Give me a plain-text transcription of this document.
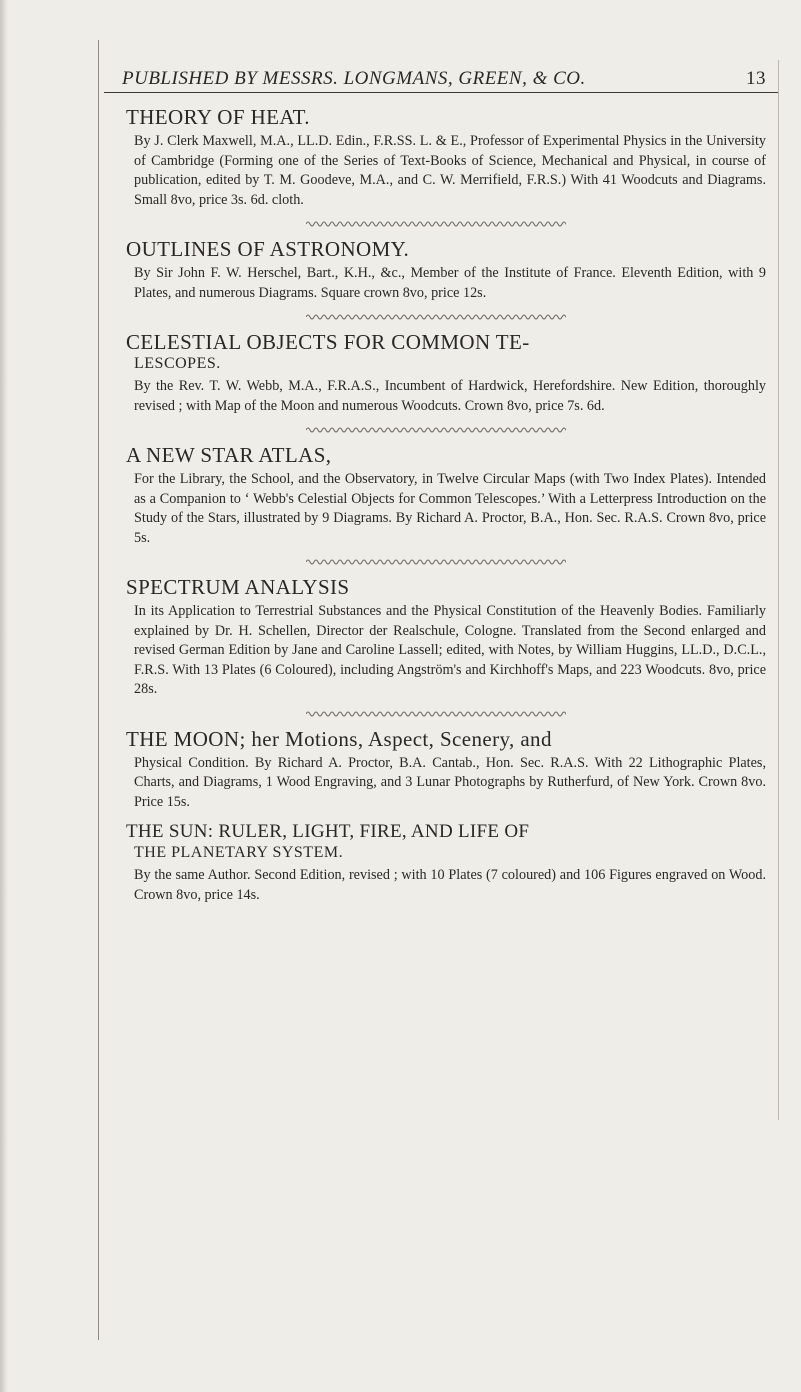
PUBLISHED BY MESSRS. LONGMANS, GREEN, & CO.	13
THEORY OF HEAT.

By J. Clerk Maxwell, M.A., LL.D. Edin., F.R.SS. L. & E., Professor of Experimental Physics in the University of Cambridge (Forming one of the Series of Text-Books of Science, Mechanical and Physical, in course of publication, edited by T. M. Goodeve, M.A., and C. W. Merrifield, F.R.S.) With 41 Woodcuts and Diagrams. Small 8vo, price 3s. 6d. cloth.

OUTLINES OF ASTRONOMY.

By Sir John F. W. Herschel, Bart., K.H., &c., Member of the Institute of France. Eleventh Edition, with 9 Plates, and numerous Diagrams. Square crown 8vo, price 12s.

CELESTIAL OBJECTS FOR COMMON TE-
LESCOPES.

By the Rev. T. W. Webb, M.A., F.R.A.S., Incumbent of Hardwick, Herefordshire. New Edition, thoroughly revised ; with Map of the Moon and numerous Woodcuts. Crown 8vo, price 7s. 6d.

A NEW STAR ATLAS,

For the Library, the School, and the Observatory, in Twelve Circular Maps (with Two Index Plates). Intended as a Companion to ‘ Webb's Celestial Objects for Common Telescopes.’ With a Letterpress Introduction on the Study of the Stars, illustrated by 9 Diagrams. By Richard A. Proctor, B.A., Hon. Sec. R.A.S. Crown 8vo, price 5s.

SPECTRUM ANALYSIS

In its Application to Terrestrial Substances and the Physical Constitution of the Heavenly Bodies. Familiarly explained by Dr. H. Schellen, Director der Realschule, Cologne. Translated from the Second enlarged and revised German Edition by Jane and Caroline Lassell; edited, with Notes, by William Huggins, LL.D., D.C.L., F.R.S. With 13 Plates (6 Coloured), including Angström's and Kirchhoff's Maps, and 223 Woodcuts. 8vo, price 28s.

THE MOON; her Motions, Aspect, Scenery, and

Physical Condition. By Richard A. Proctor, B.A. Cantab., Hon. Sec. R.A.S. With 22 Lithographic Plates, Charts, and Diagrams, 1 Wood Engraving, and 3 Lunar Photographs by Rutherfurd, of New York. Crown 8vo. Price 15s.

THE SUN: RULER, LIGHT, FIRE, AND LIFE OF
THE PLANETARY SYSTEM.

By the same Author. Second Edition, revised ; with 10 Plates (7 coloured) and 106 Figures engraved on Wood. Crown 8vo, price 14s.
